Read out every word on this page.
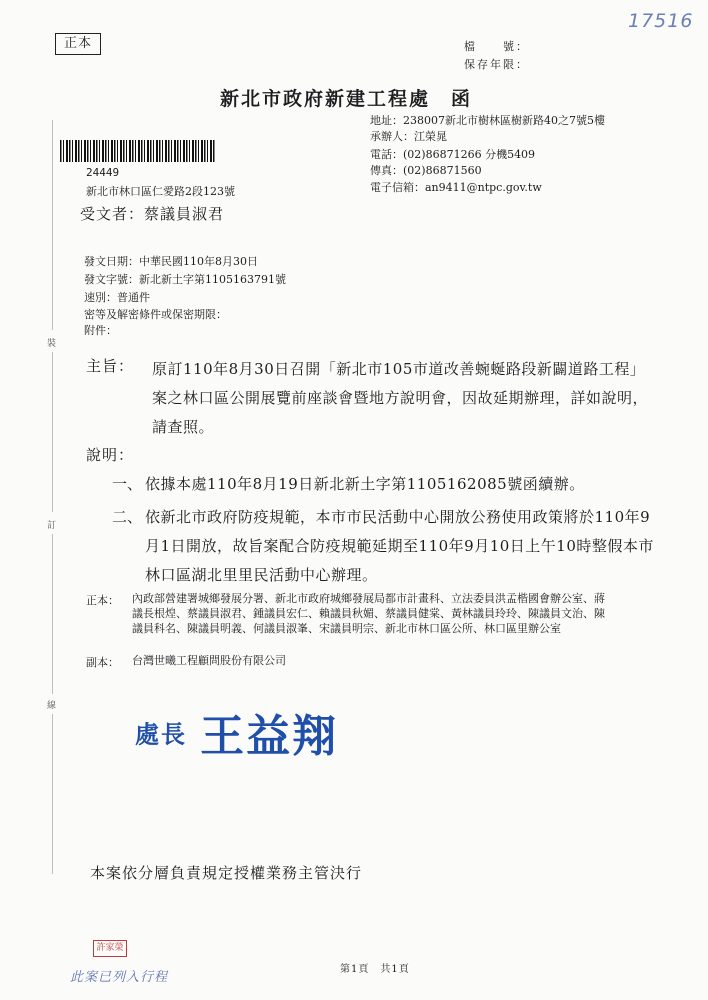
正本
17516
檔　　號：
保存年限：
新北市政府新建工程處　函
地址：238007新北市樹林區樹新路40之7號5樓
承辦人：江榮晁
電話：(02)86871266 分機5409
傳真：(02)86871560
電子信箱：an9411@ntpc.gov.tw
24449
新北市林口區仁愛路2段123號
受文者：蔡議員淑君
發文日期：中華民國110年8月30日
發文字號：新北新土字第1105163791號
速別：普通件
密等及解密條件或保密期限：
附件：
主旨： 原訂110年8月30日召開「新北市105市道改善蜿蜒路段新闢道路工程」案之林口區公開展覽前座談會暨地方說明會，因故延期辦理，詳如說明，請查照。
說明：
一、 依據本處110年8月19日新北新土字第1105162085號函續辦。
二、 依新北市政府防疫規範，本市市民活動中心開放公務使用政策將於110年9月1日開放，故旨案配合防疫規範延期至110年9月10日上午10時整假本市林口區湖北里里民活動中心辦理。
正本： 內政部營建署城鄉發展分署、新北市政府城鄉發展局都市計畫科、立法委員洪孟楷國會辦公室、蔣議長根煌、蔡議員淑君、鍾議員宏仁、賴議員秋媚、蔡議員健棠、黃林議員玲玲、陳議員文治、陳議員科名、陳議員明義、何議員淑峯、宋議員明宗、新北市林口區公所、林口區里辦公室
副本： 台灣世曦工程顧問股份有限公司
處長 王益翔
本案依分層負責規定授權業務主管決行
第1頁　共1頁
許家榮
此案已列入行程
裝
訂
線
